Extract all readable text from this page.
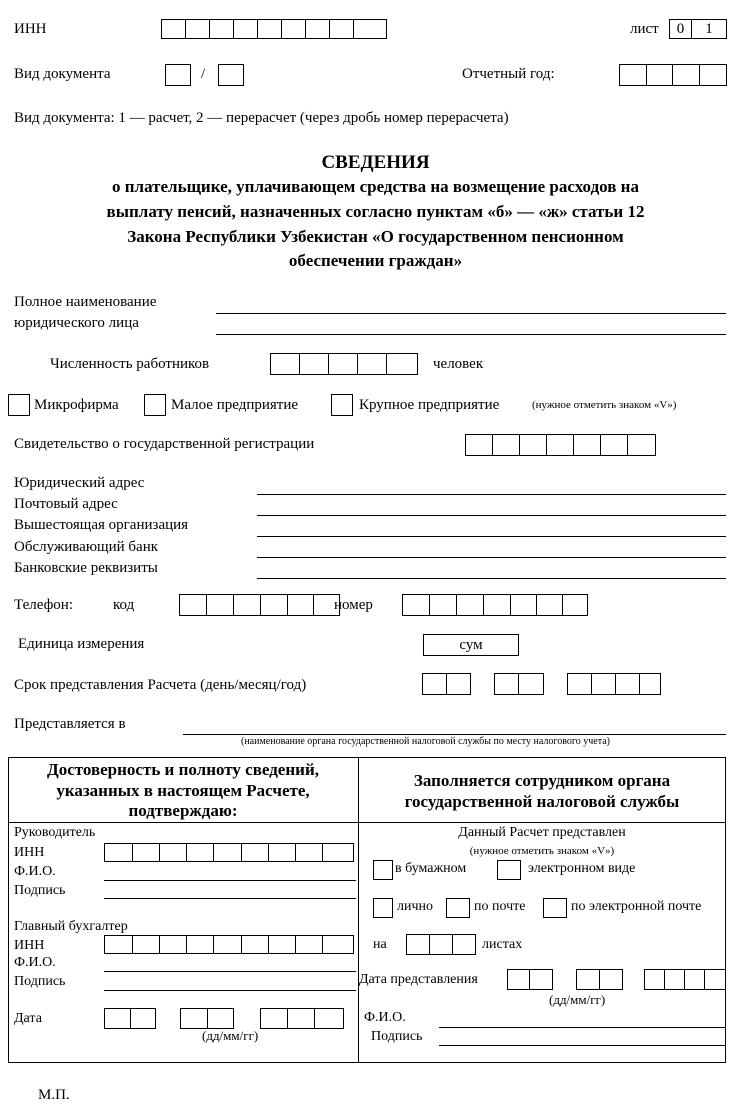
ИНН	лист	0	1
Вид документа	/	Отчетный год:
Вид документа: 1 — расчет, 2 — перерасчет (через дробь номер перерасчета)
СВЕДЕНИЯ
о плательщике, уплачивающем средства на возмещение расходов на
выплату пенсий, назначенных согласно пунктам «б» — «ж» статьи 12
Закона Республики Узбекистан «О государственном пенсионном
обеспечении граждан»
Полное наименование
юридического лица
Численность работников	человек
Микрофирма	Малое предприятие	Крупное предприятие	(нужное отметить знаком «V»)
Свидетельство о государственной регистрации
Юридический адрес
Почтовый адрес
Вышестоящая организация
Обслуживающий банк
Банковские реквизиты
Телефон:	код	номер
Единица измерения	сум
Срок представления Расчета (день/месяц/год)
Представляется в
(наименование органа государственной налоговой службы по месту налогового учета)
Достоверность и полноту сведений,
указанных в настоящем Расчете,
подтверждаю:
Заполняется сотрудником органа
государственной налоговой службы
Руководитель
ИНН
Ф.И.О.
Подпись
Главный бухгалтер
ИНН
Ф.И.О.
Подпись
Дата
(дд/мм/гг)
Данный Расчет представлен
(нужное отметить знаком «V»)
в бумажном	электронном виде
лично	по почте	по электронной почте
на	листах
Дата представления
(дд/мм/гг)
Ф.И.О.
Подпись
М.П.
